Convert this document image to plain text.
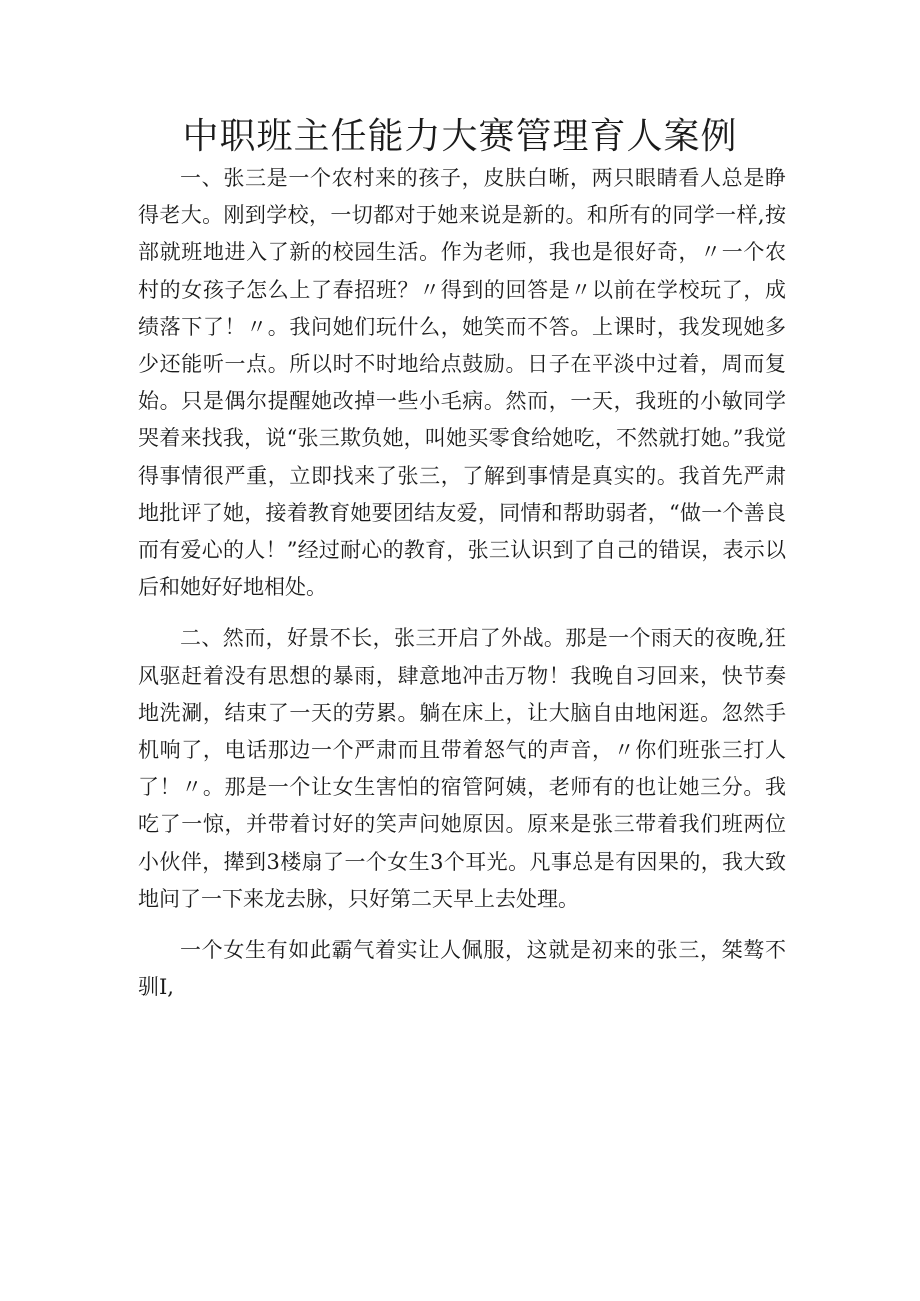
中职班主任能力大赛管理育人案例

一、张三是一个农村来的孩子，皮肤白晰，两只眼睛看人总是睁得老大。刚到学校，一切都对于她来说是新的。和所有的同学一样,按部就班地进入了新的校园生活。作为老师，我也是很好奇，〃一个农村的女孩子怎么上了春招班？〃得到的回答是〃以前在学校玩了，成绩落下了！〃。我问她们玩什么，她笑而不答。上课时，我发现她多少还能听一点。所以时不时地给点鼓励。日子在平淡中过着，周而复始。只是偶尔提醒她改掉一些小毛病。然而，一天，我班的小敏同学哭着来找我，说“张三欺负她，叫她买零食给她吃，不然就打她。”我觉得事情很严重，立即找来了张三，了解到事情是真实的。我首先严肃地批评了她，接着教育她要团结友爱，同情和帮助弱者，“做一个善良而有爱心的人！”经过耐心的教育，张三认识到了自己的错误，表示以后和她好好地相处。

二、然而，好景不长，张三开启了外战。那是一个雨天的夜晚,狂风驱赶着没有思想的暴雨，肆意地冲击万物！我晚自习回来，快节奏地洗涮，结束了一天的劳累。躺在床上，让大脑自由地闲逛。忽然手机响了，电话那边一个严肃而且带着怒气的声音，〃你们班张三打人了！〃。那是一个让女生害怕的宿管阿姨，老师有的也让她三分。我吃了一惊，并带着讨好的笑声问她原因。原来是张三带着我们班两位小伙伴，撵到3楼扇了一个女生3个耳光。凡事总是有因果的，我大致地问了一下来龙去脉，只好第二天早上去处理。

一个女生有如此霸气着实让人佩服，这就是初来的张三，桀骜不驯I,
